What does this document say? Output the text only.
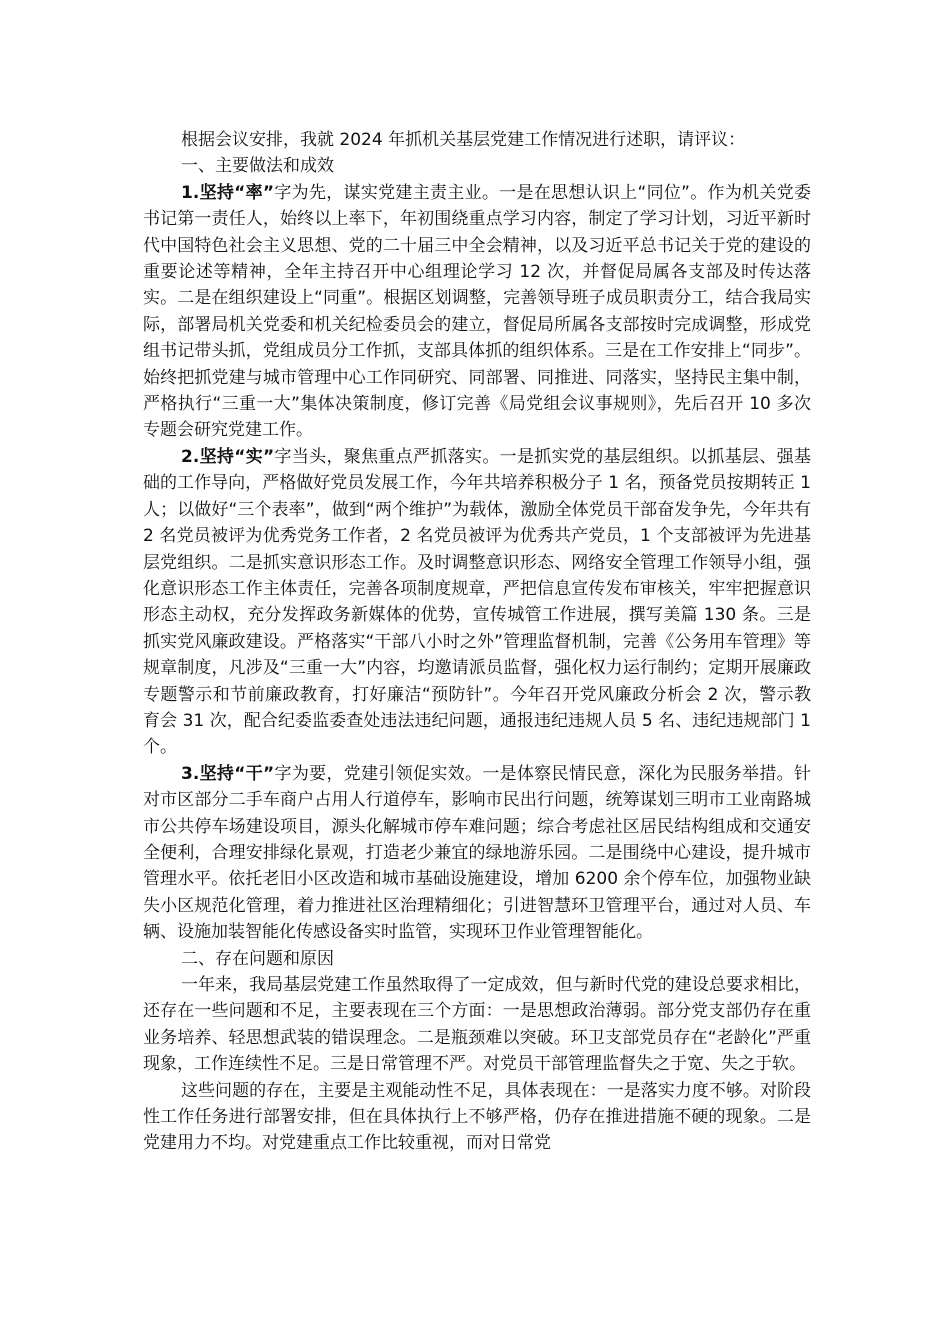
根据会议安排，我就 2024 年抓机关基层党建工作情况进行述职，请评议：

一、主要做法和成效

1.坚持“率”字为先，谋实党建主责主业。一是在思想认识上“同位”。作为机关党委书记第一责任人，始终以上率下，年初围绕重点学习内容，制定了学习计划，习近平新时代中国特色社会主义思想、党的二十届三中全会精神，以及习近平总书记关于党的建设的重要论述等精神，全年主持召开中心组理论学习 12 次，并督促局属各支部及时传达落实。二是在组织建设上“同重”。根据区划调整，完善领导班子成员职责分工，结合我局实际，部署局机关党委和机关纪检委员会的建立，督促局所属各支部按时完成调整，形成党组书记带头抓，党组成员分工作抓，支部具体抓的组织体系。三是在工作安排上“同步”。始终把抓党建与城市管理中心工作同研究、同部署、同推进、同落实，坚持民主集中制，严格执行“三重一大”集体决策制度，修订完善《局党组会议事规则》，先后召开 10 多次专题会研究党建工作。

2.坚持“实”字当头，聚焦重点严抓落实。一是抓实党的基层组织。以抓基层、强基础的工作导向，严格做好党员发展工作，今年共培养积极分子 1 名，预备党员按期转正 1 人；以做好“三个表率”，做到“两个维护”为载体，激励全体党员干部奋发争先，今年共有 2 名党员被评为优秀党务工作者，2 名党员被评为优秀共产党员，1 个支部被评为先进基层党组织。二是抓实意识形态工作。及时调整意识形态、网络安全管理工作领导小组，强化意识形态工作主体责任，完善各项制度规章，严把信息宣传发布审核关，牢牢把握意识形态主动权，充分发挥政务新媒体的优势，宣传城管工作进展，撰写美篇 130 条。三是抓实党风廉政建设。严格落实“干部八小时之外”管理监督机制，完善《公务用车管理》等规章制度，凡涉及“三重一大”内容，均邀请派员监督，强化权力运行制约；定期开展廉政专题警示和节前廉政教育，打好廉洁“预防针”。今年召开党风廉政分析会 2 次，警示教育会 31 次，配合纪委监委查处违法违纪问题，通报违纪违规人员 5 名、违纪违规部门 1 个。

3.坚持“干”字为要，党建引领促实效。一是体察民情民意，深化为民服务举措。针对市区部分二手车商户占用人行道停车，影响市民出行问题，统筹谋划三明市工业南路城市公共停车场建设项目，源头化解城市停车难问题；综合考虑社区居民结构组成和交通安全便利，合理安排绿化景观，打造老少兼宜的绿地游乐园。二是围绕中心建设，提升城市管理水平。依托老旧小区改造和城市基础设施建设，增加 6200 余个停车位，加强物业缺失小区规范化管理，着力推进社区治理精细化；引进智慧环卫管理平台，通过对人员、车辆、设施加装智能化传感设备实时监管，实现环卫作业管理智能化。

二、存在问题和原因

一年来，我局基层党建工作虽然取得了一定成效，但与新时代党的建设总要求相比，还存在一些问题和不足，主要表现在三个方面：一是思想政治薄弱。部分党支部仍存在重业务培养、轻思想武装的错误理念。二是瓶颈难以突破。环卫支部党员存在“老龄化”严重现象，工作连续性不足。三是日常管理不严。对党员干部管理监督失之于宽、失之于软。

这些问题的存在，主要是主观能动性不足，具体表现在：一是落实力度不够。对阶段性工作任务进行部署安排，但在具体执行上不够严格，仍存在推进措施不硬的现象。二是党建用力不均。对党建重点工作比较重视，而对日常党
